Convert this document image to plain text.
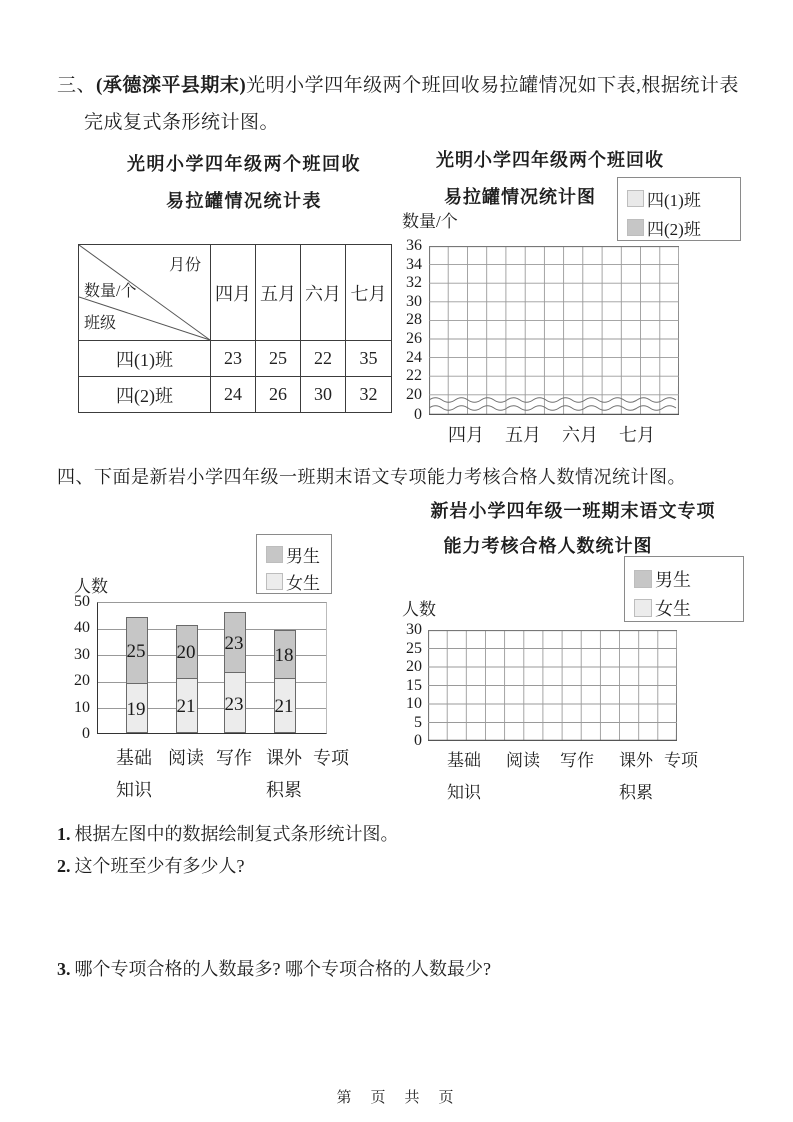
三、(承德滦平县期末)光明小学四年级两个班回收易拉罐情况如下表,根据统计表
完成复式条形统计图。
光明小学四年级两个班回收
易拉罐情况统计表
月份
数量/个
班级	四月	五月	六月	七月
四(1)班	23	25	22	35
四(2)班	24	26	30	32
光明小学四年级两个班回收
易拉罐情况统计图	四(1)班
四(2)班
数量/个
36
34
32
30
28
26
24
22
20
0
四月	五月	六月	七月
四、下面是新岩小学四年级一班期末语文专项能力考核合格人数情况统计图。
男生
女生
人数
50
40
30
20
10
0
基础 阅读 写作 课外 专项
知识	积累
新岩小学四年级一班期末语文专项
能力考核合格人数统计图
男生
女生
人数
30
25
20
15
10
5
0
基础	阅读	写作	课外 专项
知识	积累
1. 根据左图中的数据绘制复式条形统计图。
2. 这个班至少有多少人?
3. 哪个专项合格的人数最多? 哪个专项合格的人数最少?
第　页　共　页
19
25
21
20
23
23
21
18
